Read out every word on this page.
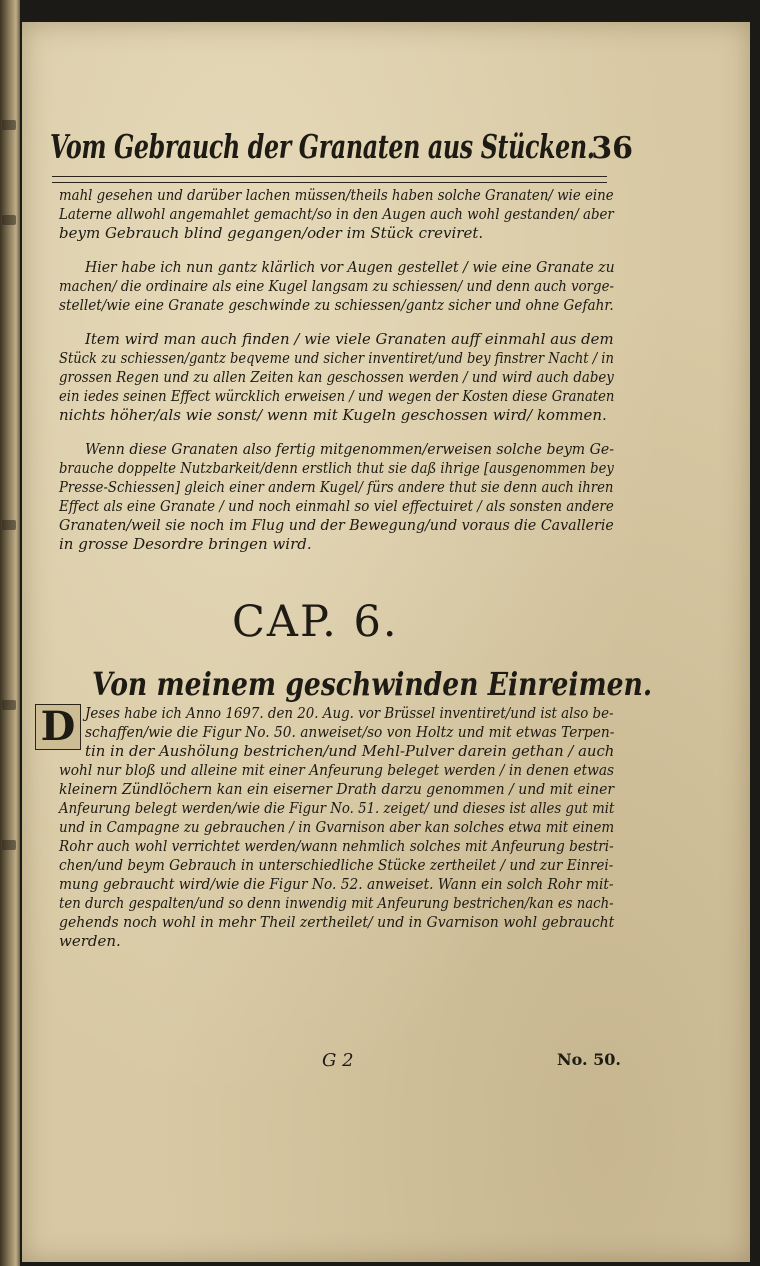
Vom Gebrauch der Granaten aus Stücken.
36
mahl gesehen und darüber lachen müssen/theils haben solche Granaten/ wie eine
Laterne allwohl angemahlet gemacht/so in den Augen auch wohl gestanden/ aber
beym Gebrauch blind gegangen/oder im Stück creviret.
Hier habe ich nun gantz klärlich vor Augen gestellet / wie eine Granate zu
machen/ die ordinaire als eine Kugel langsam zu schiessen/ und denn auch vorge-
stellet/wie eine Granate geschwinde zu schiessen/gantz sicher und ohne Gefahr.
Item wird man auch finden / wie viele Granaten auff einmahl aus dem
Stück zu schiessen/gantz beqveme und sicher inventiret/und bey finstrer Nacht / in
grossen Regen und zu allen Zeiten kan geschossen werden / und wird auch dabey
ein iedes seinen Effect würcklich erweisen / und wegen der Kosten diese Granaten
nichts höher/als wie sonst/ wenn mit Kugeln geschossen wird/ kommen.
Wenn diese Granaten also fertig mitgenommen/erweisen solche beym Ge-
brauche doppelte Nutzbarkeit/denn erstlich thut sie daß ihrige [ausgenommen bey
Presse-Schiessen] gleich einer andern Kugel/ fürs andere thut sie denn auch ihren
Effect als eine Granate / und noch einmahl so viel effectuiret / als sonsten andere
Granaten/weil sie noch im Flug und der Bewegung/und voraus die Cavallerie
in grosse Desordre bringen wird.
CAP. 6.
Von meinem geschwinden Einreimen.
D Jeses habe ich Anno 1697. den 20. Aug. vor Brüssel inventiret/und ist also be-
schaffen/wie die Figur No. 50. anweiset/so von Holtz und mit etwas Terpen-
tin in der Aushölung bestrichen/und Mehl-Pulver darein gethan / auch
wohl nur bloß und alleine mit einer Anfeurung beleget werden / in denen etwas
kleinern Zündlöchern kan ein eiserner Drath darzu genommen / und mit einer
Anfeurung belegt werden/wie die Figur No. 51. zeiget/ und dieses ist alles gut mit
und in Campagne zu gebrauchen / in Gvarnison aber kan solches etwa mit einem
Rohr auch wohl verrichtet werden/wann nehmlich solches mit Anfeurung bestri-
chen/und beym Gebrauch in unterschiedliche Stücke zertheilet / und zur Einrei-
mung gebraucht wird/wie die Figur No. 52. anweiset. Wann ein solch Rohr mit-
ten durch gespalten/und so denn inwendig mit Anfeurung bestrichen/kan es nach-
gehends noch wohl in mehr Theil zertheilet/ und in Gvarnison wohl gebraucht
werden.
G 2	No. 50.
